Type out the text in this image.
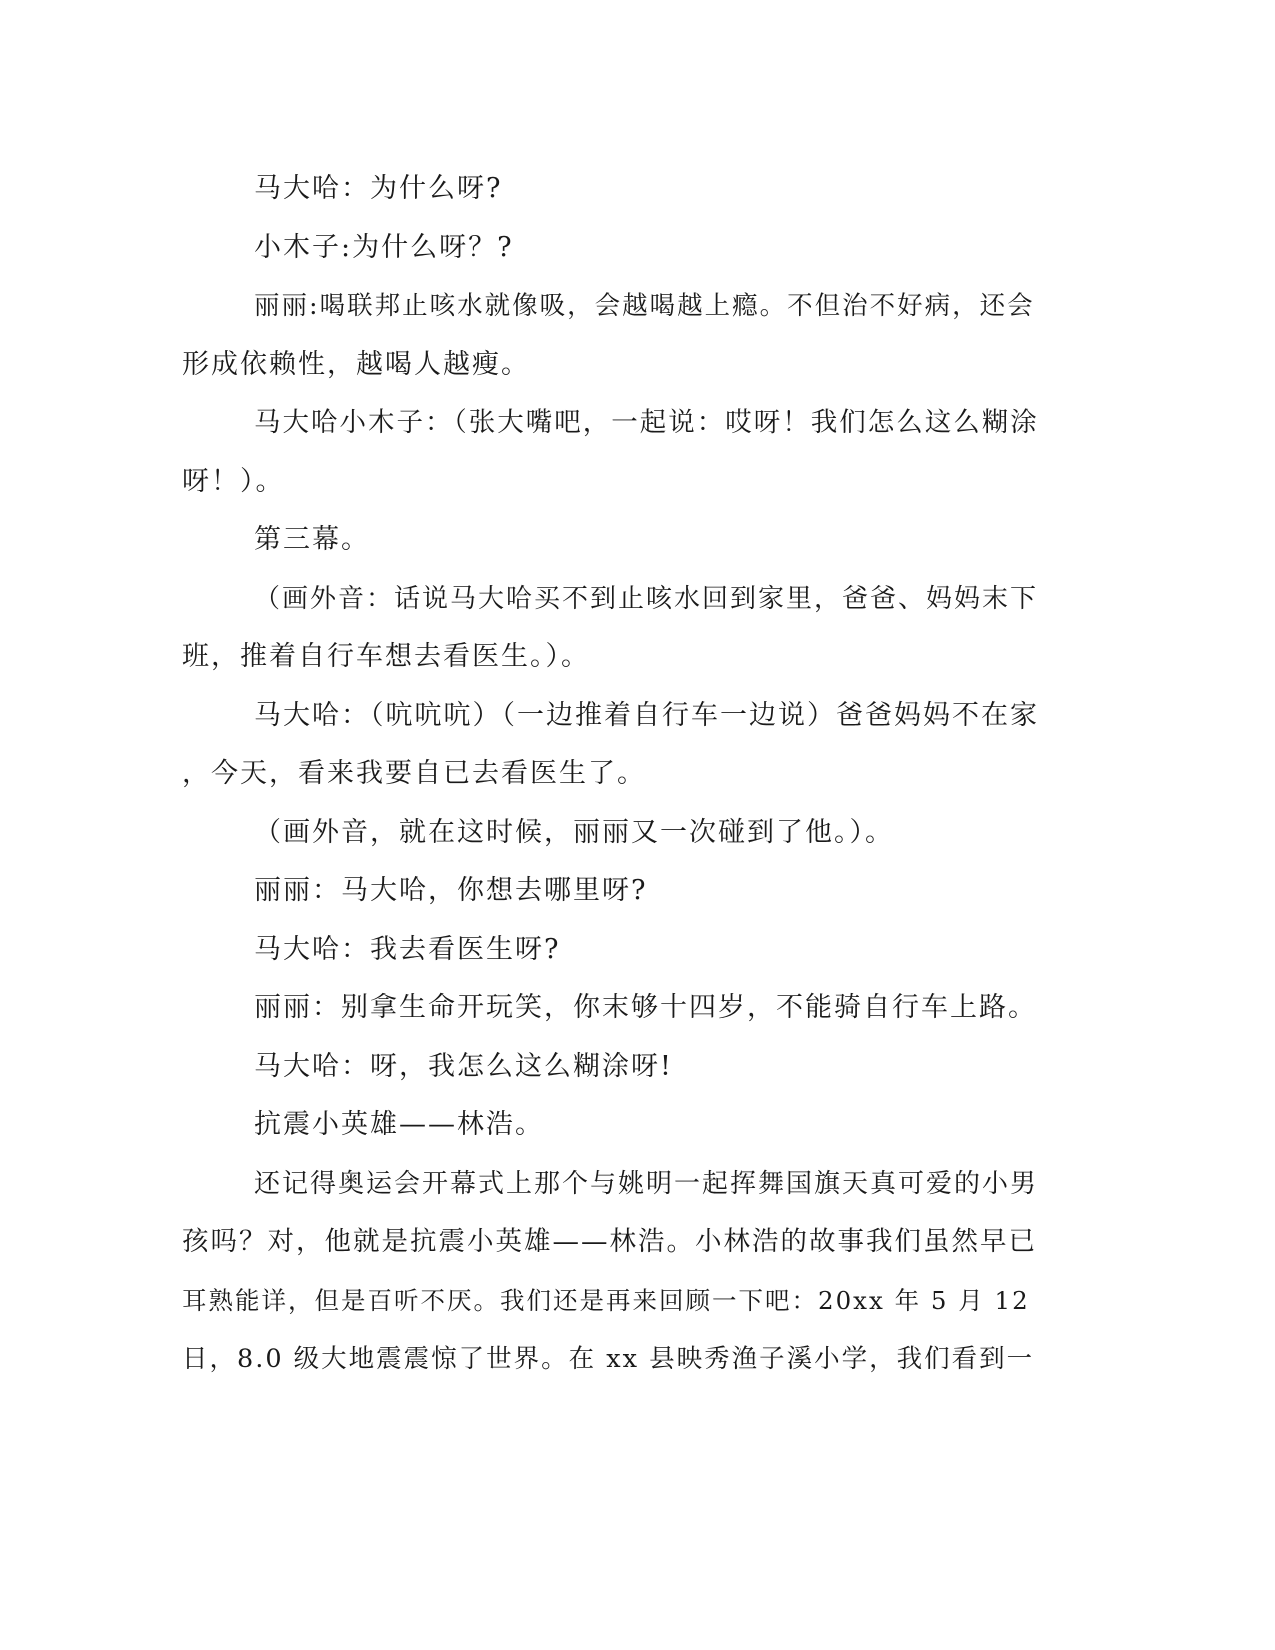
马大哈：为什么呀?
小木子:为什么呀？?
丽丽:喝联邦止咳水就像吸，会越喝越上瘾。不但治不好病，还会
形成依赖性，越喝人越瘦。
马大哈小木子：（张大嘴吧，一起说：哎呀！我们怎么这么糊涂
呀！）。
第三幕。
（画外音：话说马大哈买不到止咳水回到家里，爸爸、妈妈末下
班，推着自行车想去看医生。）。
马大哈：（吭吭吭）（一边推着自行车一边说）爸爸妈妈不在家
，今天，看来我要自已去看医生了。
（画外音，就在这时候，丽丽又一次碰到了他。）。
丽丽：马大哈，你想去哪里呀?
马大哈：我去看医生呀?
丽丽：别拿生命开玩笑，你末够十四岁，不能骑自行车上路。
马大哈：呀，我怎么这么糊涂呀!
抗震小英雄——林浩。
还记得奥运会开幕式上那个与姚明一起挥舞国旗天真可爱的小男
孩吗？对，他就是抗震小英雄——林浩。小林浩的故事我们虽然早已
耳熟能详，但是百听不厌。我们还是再来回顾一下吧：20xx 年 5 月 12
日，8.0 级大地震震惊了世界。在 xx 县映秀渔子溪小学，我们看到一
